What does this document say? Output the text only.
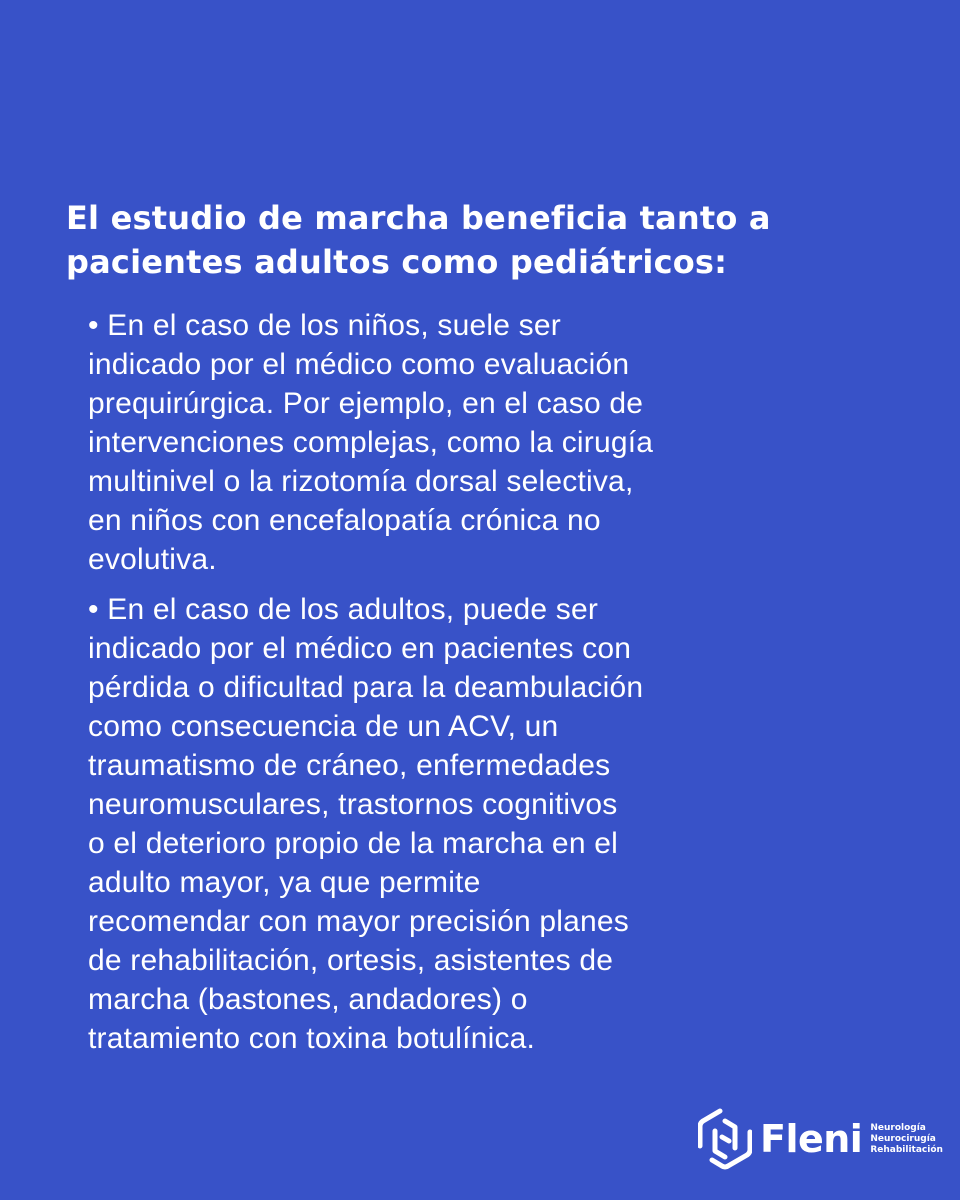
El estudio de marcha beneficia tanto a
pacientes adultos como pediátricos:
• En el caso de los niños, suele ser
indicado por el médico como evaluación
prequirúrgica. Por ejemplo, en el caso de
intervenciones complejas, como la cirugía
multinivel o la rizotomía dorsal selectiva,
en niños con encefalopatía crónica no
evolutiva.
• En el caso de los adultos, puede ser
indicado por el médico en pacientes con
pérdida o dificultad para la deambulación
como consecuencia de un ACV, un
traumatismo de cráneo, enfermedades
neuromusculares, trastornos cognitivos
o el deterioro propio de la marcha en el
adulto mayor, ya que permite
recomendar con mayor precisión planes
de rehabilitación, ortesis, asistentes de
marcha (bastones, andadores) o
tratamiento con toxina botulínica.
Fleni Neurología
Neurocirugía
Rehabilitación
